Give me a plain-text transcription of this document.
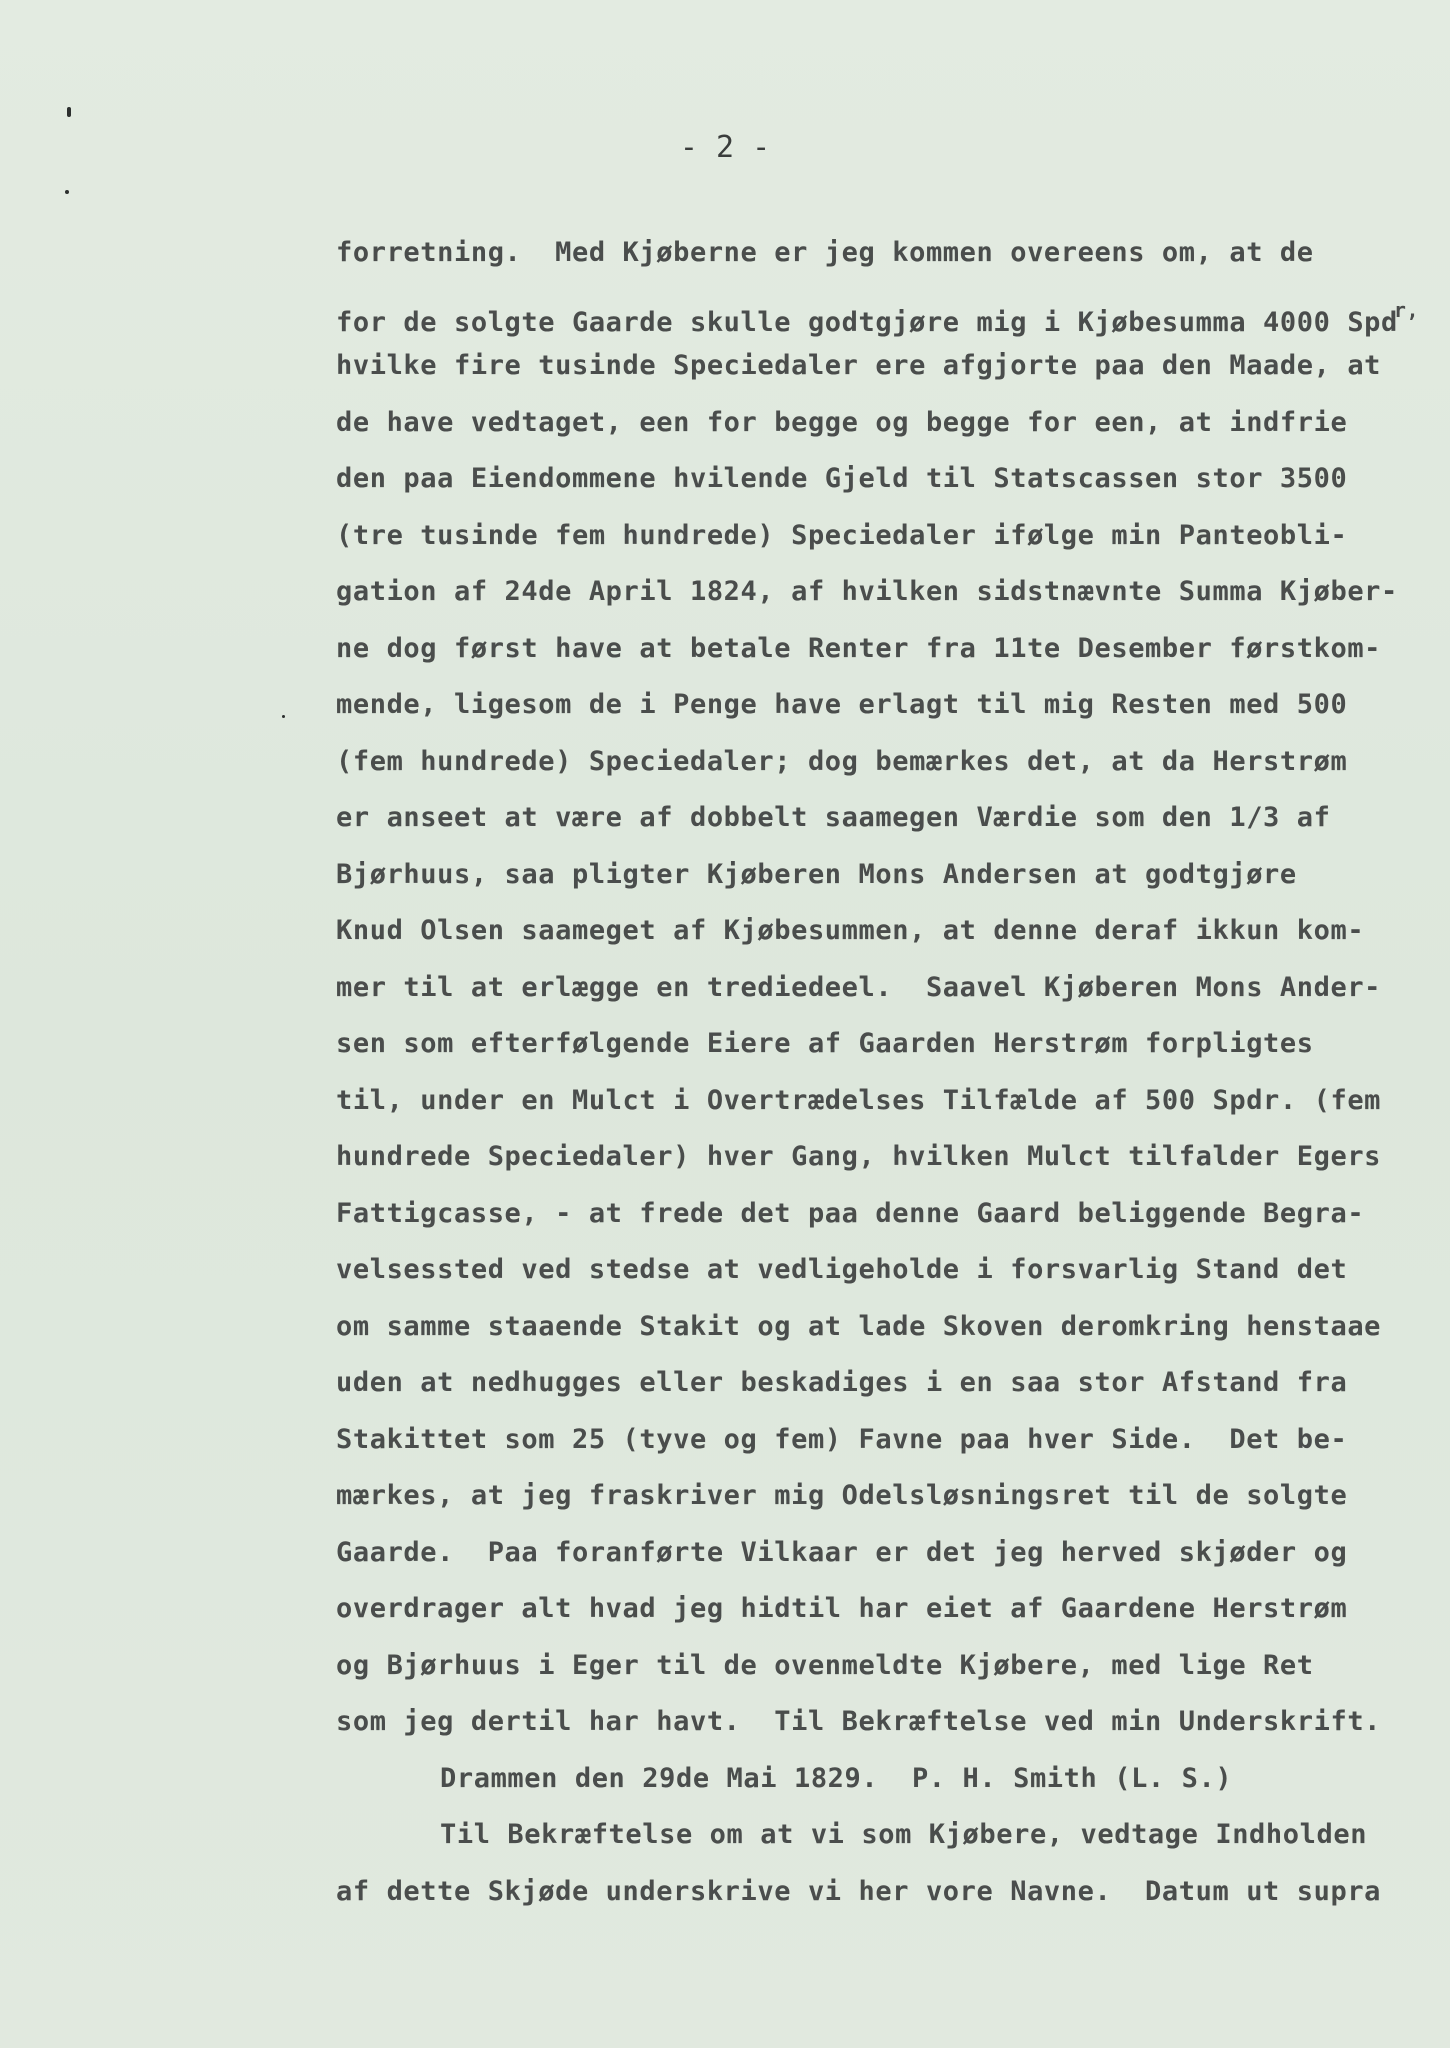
- 2 -
forretning.  Med Kjøberne er jeg kommen overeens om, at de
for de solgte Gaarde skulle godtgjøre mig i Kjøbesumma 4000 Spd$^{r,}$
hvilke fire tusinde Speciedaler ere afgjorte paa den Maade, at
de have vedtaget, een for begge og begge for een, at indfrie
den paa Eiendommene hvilende Gjeld til Statscassen stor 3500
(tre tusinde fem hundrede) Speciedaler ifølge min Panteobli-
gation af 24de April 1824, af hvilken sidstnævnte Summa Kjøber-
ne dog først have at betale Renter fra 11te Desember førstkom-
mende, ligesom de i Penge have erlagt til mig Resten med 500
(fem hundrede) Speciedaler; dog bemærkes det, at da Herstrøm
er anseet at være af dobbelt saamegen Værdie som den 1/3 af
Bjørhuus, saa pligter Kjøberen Mons Andersen at godtgjøre
Knud Olsen saameget af Kjøbesummen, at denne deraf ikkun kom-
mer til at erlægge en trediedeel.  Saavel Kjøberen Mons Ander-
sen som efterfølgende Eiere af Gaarden Herstrøm forpligtes
til, under en Mulct i Overtrædelses Tilfælde af 500 Spdr. (fem
hundrede Speciedaler) hver Gang, hvilken Mulct tilfalder Egers
Fattigcasse, - at frede det paa denne Gaard beliggende Begra-
velsessted ved stedse at vedligeholde i forsvarlig Stand det
om samme staaende Stakit og at lade Skoven deromkring henstaae
uden at nedhugges eller beskadiges i en saa stor Afstand fra
Stakittet som 25 (tyve og fem) Favne paa hver Side.  Det be-
mærkes, at jeg fraskriver mig Odelsløsningsret til de solgte
Gaarde.  Paa foranførte Vilkaar er det jeg herved skjøder og
overdrager alt hvad jeg hidtil har eiet af Gaardene Herstrøm
og Bjørhuus i Eger til de ovenmeldte Kjøbere, med lige Ret
som jeg dertil har havt.  Til Bekræftelse ved min Underskrift.
Drammen den 29de Mai 1829.  P. H. Smith (L. S.)
Til Bekræftelse om at vi som Kjøbere, vedtage Indholden
af dette Skjøde underskrive vi her vore Navne.  Datum ut supra
